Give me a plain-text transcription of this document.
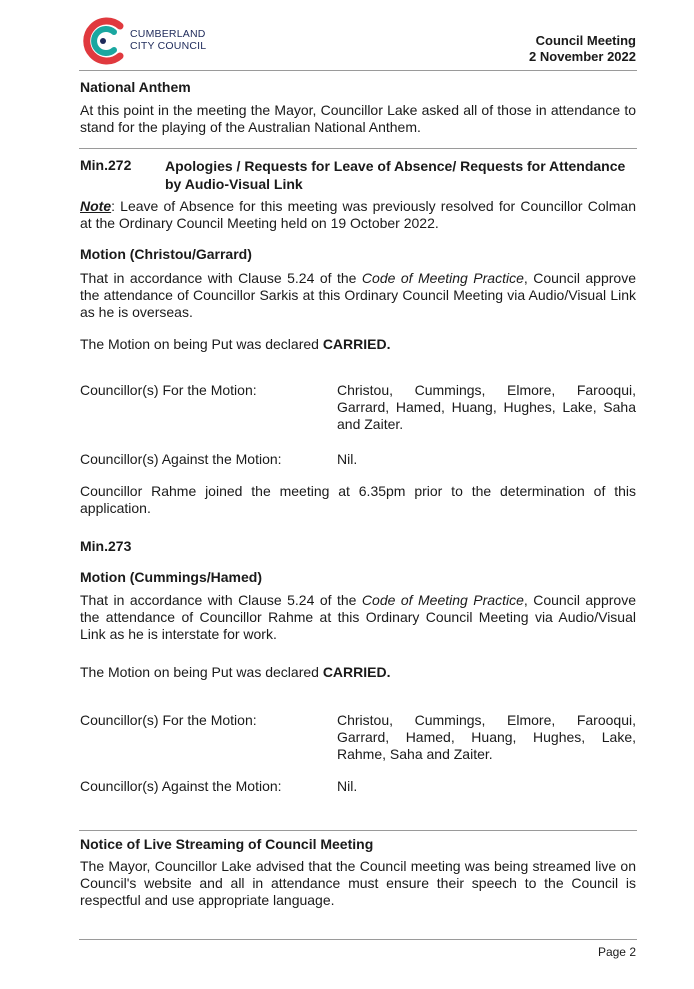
CUMBERLAND
CITY COUNCIL	Council Meeting
2 November 2022
National Anthem
At this point in the meeting the Mayor, Councillor Lake asked all of those in attendance to stand for the playing of the Australian National Anthem.
Min.272 Apologies / Requests for Leave of Absence/ Requests for Attendance by Audio-Visual Link
Note: Leave of Absence for this meeting was previously resolved for Councillor Colman at the Ordinary Council Meeting held on 19 October 2022.
Motion (Christou/Garrard)
That in accordance with Clause 5.24 of the Code of Meeting Practice, Council approve the attendance of Councillor Sarkis at this Ordinary Council Meeting via Audio/Visual Link as he is overseas.
The Motion on being Put was declared CARRIED.
Councillor(s) For the Motion:	Christou, Cummings, Elmore, Farooqui, Garrard, Hamed, Huang, Hughes, Lake, Saha and Zaiter.
Councillor(s) Against the Motion:	Nil.
Councillor Rahme joined the meeting at 6.35pm prior to the determination of this application.
Min.273
Motion (Cummings/Hamed)
That in accordance with Clause 5.24 of the Code of Meeting Practice, Council approve the attendance of Councillor Rahme at this Ordinary Council Meeting via Audio/Visual Link as he is interstate for work.
The Motion on being Put was declared CARRIED.
Councillor(s) For the Motion:	Christou, Cummings, Elmore, Farooqui, Garrard, Hamed, Huang, Hughes, Lake, Rahme, Saha and Zaiter.
Councillor(s) Against the Motion:	Nil.
Notice of Live Streaming of Council Meeting
The Mayor, Councillor Lake advised that the Council meeting was being streamed live on Council's website and all in attendance must ensure their speech to the Council is respectful and use appropriate language.
Page 2
